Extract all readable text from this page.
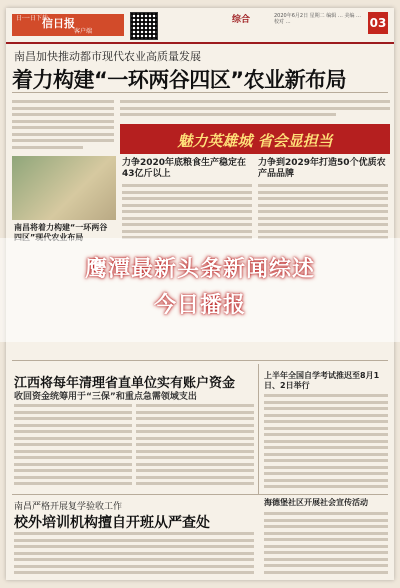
日·一日下载
信日报
客户端
综合	2020年6月2日 星期二 编辑 … 美编 … 校对 …	03
南昌加快推动都市现代农业高质量发展
着力构建“一环两谷四区”农业新布局
魅力英雄城 省会显担当
力争2020年底粮食生产稳定在43亿斤以上
力争到2029年打造50个优质农产品品牌
南昌将着力构建“一环两谷
江西将每年清理省直单位实有账户资金
收回资金统筹用于“三保”和重点急需领域支出
上半年全国自学考试推迟至8月1日、2日举行
南昌严格开展复学验收工作
校外培训机构擅自开班从严查处
海德堡社区开展社会宣传活动
鹰潭最新头条新闻综述
今日播报
